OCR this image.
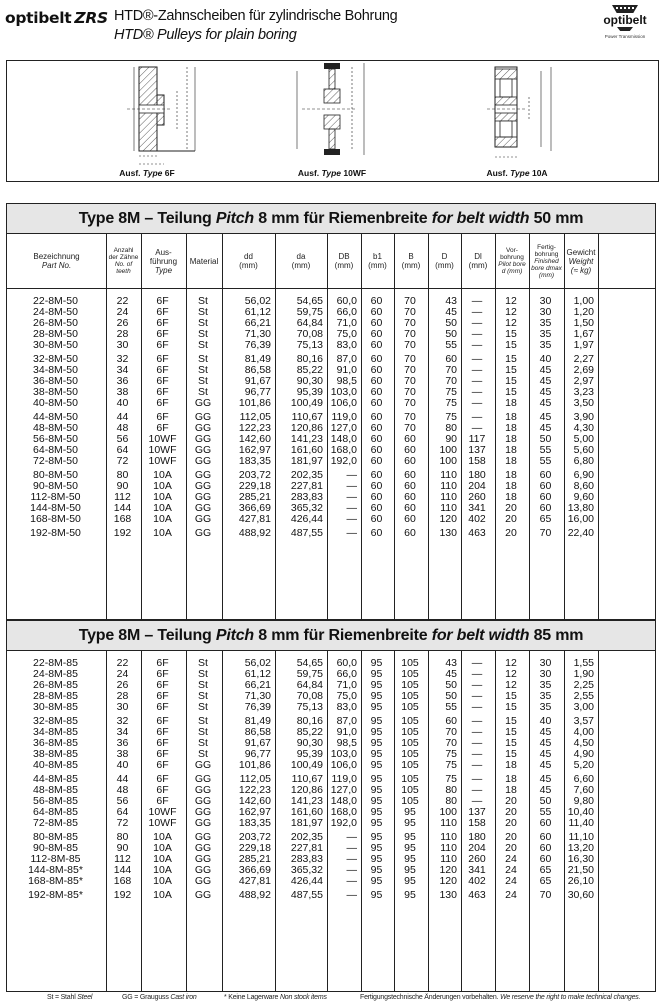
optibelt ZRS HTD®-Zahnscheiben für zylindrische Bohrung
HTD® Pulleys for plain boring
optibelt
Power Transmission
Ausf. Type 6F	Ausf. Type 10WF	Ausf. Type 10A
Type 8M – Teilung Pitch 8 mm für Riemenbreite for belt width 50 mm
Bezeichnung
Part No.
Anzahl der Zähne
No. of teeth
Aus-führung
Type
Material	dd
(mm)
da
(mm)
DB
(mm)
b1
(mm)
B
(mm)
D
(mm)
Dl
(mm)
Vor-bohrung
Pilot bore d (mm)
Fertig-bohrung
Finished bore dmax (mm)
Gewicht
Weight (≈ kg)
22-8M-50	22	6F	St	56,02	54,65	60,0	60	70	43	—	12	30	1,00
24-8M-50	24	6F	St	61,12	59,75	66,0	60	70	45	—	12	30	1,20
26-8M-50	26	6F	St	66,21	64,84	71,0	60	70	50	—	12	35	1,50
28-8M-50	28	6F	St	71,30	70,08	75,0	60	70	50	—	15	35	1,67
30-8M-50	30	6F	St	76,39	75,13	83,0	60	70	55	—	15	35	1,97
32-8M-50	32	6F	St	81,49	80,16	87,0	60	70	60	—	15	40	2,27
34-8M-50	34	6F	St	86,58	85,22	91,0	60	70	70	—	15	45	2,69
36-8M-50	36	6F	St	91,67	90,30	98,5	60	70	70	—	15	45	2,97
38-8M-50	38	6F	St	96,77	95,39 103,0	60	70	75	—	15	45	3,23
40-8M-50	40	6F	GG	101,86	100,49 106,0	60	70	75	—	18	45	3,50
44-8M-50	44	6F	GG	112,05	110,67 119,0	60	70	75	—	18	45	3,90
48-8M-50	48	6F	GG	122,23	120,86 127,0	60	70	80	—	18	45	4,30
56-8M-50	56	10WF	GG	142,60	141,23 148,0	60	60	90	117	18	50	5,00
64-8M-50	64	10WF	GG	162,97	161,60 168,0	60	60	100	137	18	55	5,60
72-8M-50	72	10WF	GG	183,35	181,97 192,0	60	60	100	158	18	55	6,80
80-8M-50	80	10A	GG	203,72	202,35	—	60	60	110	180	18	60	6,90
90-8M-50	90	10A	GG	229,18	227,81	—	60	60	110	204	18	60	8,60
112-8M-50	112	10A	GG	285,21	283,83	—	60	60	110	260	18	60	9,60
144-8M-50	144	10A	GG	366,69	365,32	—	60	60	110	341	20	60	13,80
168-8M-50	168	10A	GG	427,81	426,44	—	60	60	120	402	20	65	16,00
192-8M-50	192	10A	GG	488,92	487,55	—	60	60	130	463	20	70	22,40
Type 8M – Teilung Pitch 8 mm für Riemenbreite for belt width 85 mm
22-8M-85	22	6F	St	56,02	54,65	60,0	95	105	43	—	12	30	1,55
24-8M-85	24	6F	St	61,12	59,75	66,0	95	105	45	—	12	30	1,90
26-8M-85	26	6F	St	66,21	64,84	71,0	95	105	50	—	12	35	2,25
28-8M-85	28	6F	St	71,30	70,08	75,0	95	105	50	—	15	35	2,55
30-8M-85	30	6F	St	76,39	75,13	83,0	95	105	55	—	15	35	3,00
32-8M-85	32	6F	St	81,49	80,16	87,0	95	105	60	—	15	40	3,57
34-8M-85	34	6F	St	86,58	85,22	91,0	95	105	70	—	15	45	4,00
36-8M-85	36	6F	St	91,67	90,30	98,5	95	105	70	—	15	45	4,50
38-8M-85	38	6F	St	96,77	95,39 103,0	95	105	75	—	15	45	4,90
40-8M-85	40	6F	GG	101,86	100,49 106,0	95	105	75	—	18	45	5,20
44-8M-85	44	6F	GG	112,05	110,67 119,0	95	105	75	—	18	45	6,60
48-8M-85	48	6F	GG	122,23	120,86 127,0	95	105	80	—	18	45	7,60
56-8M-85	56	6F	GG	142,60	141,23 148,0	95	105	80	—	20	50	9,80
64-8M-85	64	10WF	GG	162,97	161,60 168,0	95	95	100	137	20	55	10,40
72-8M-85	72	10WF	GG	183,35	181,97 192,0	95	95	110	158	20	60	11,40
80-8M-85	80	10A	GG	203,72	202,35	—	95	95	110	180	20	60	11,10
90-8M-85	90	10A	GG	229,18	227,81	—	95	95	110	204	20	60	13,20
112-8M-85	112	10A	GG	285,21	283,83	—	95	95	110	260	24	60	16,30
144-8M-85*	144	10A	GG	366,69	365,32	—	95	95	120	341	24	65	21,50
168-8M-85*	168	10A	GG	427,81	426,44	—	95	95	120	402	24	65	26,10
192-8M-85*	192	10A	GG	488,92	487,55	—	95	95	130	463	24	70	30,60
St = Stahl Steel	GG = Grauguss Cast iron	* Keine Lagerware Non stock items	Fertigungstechnische Änderungen vorbehalten. We reserve the right to make technical changes.
